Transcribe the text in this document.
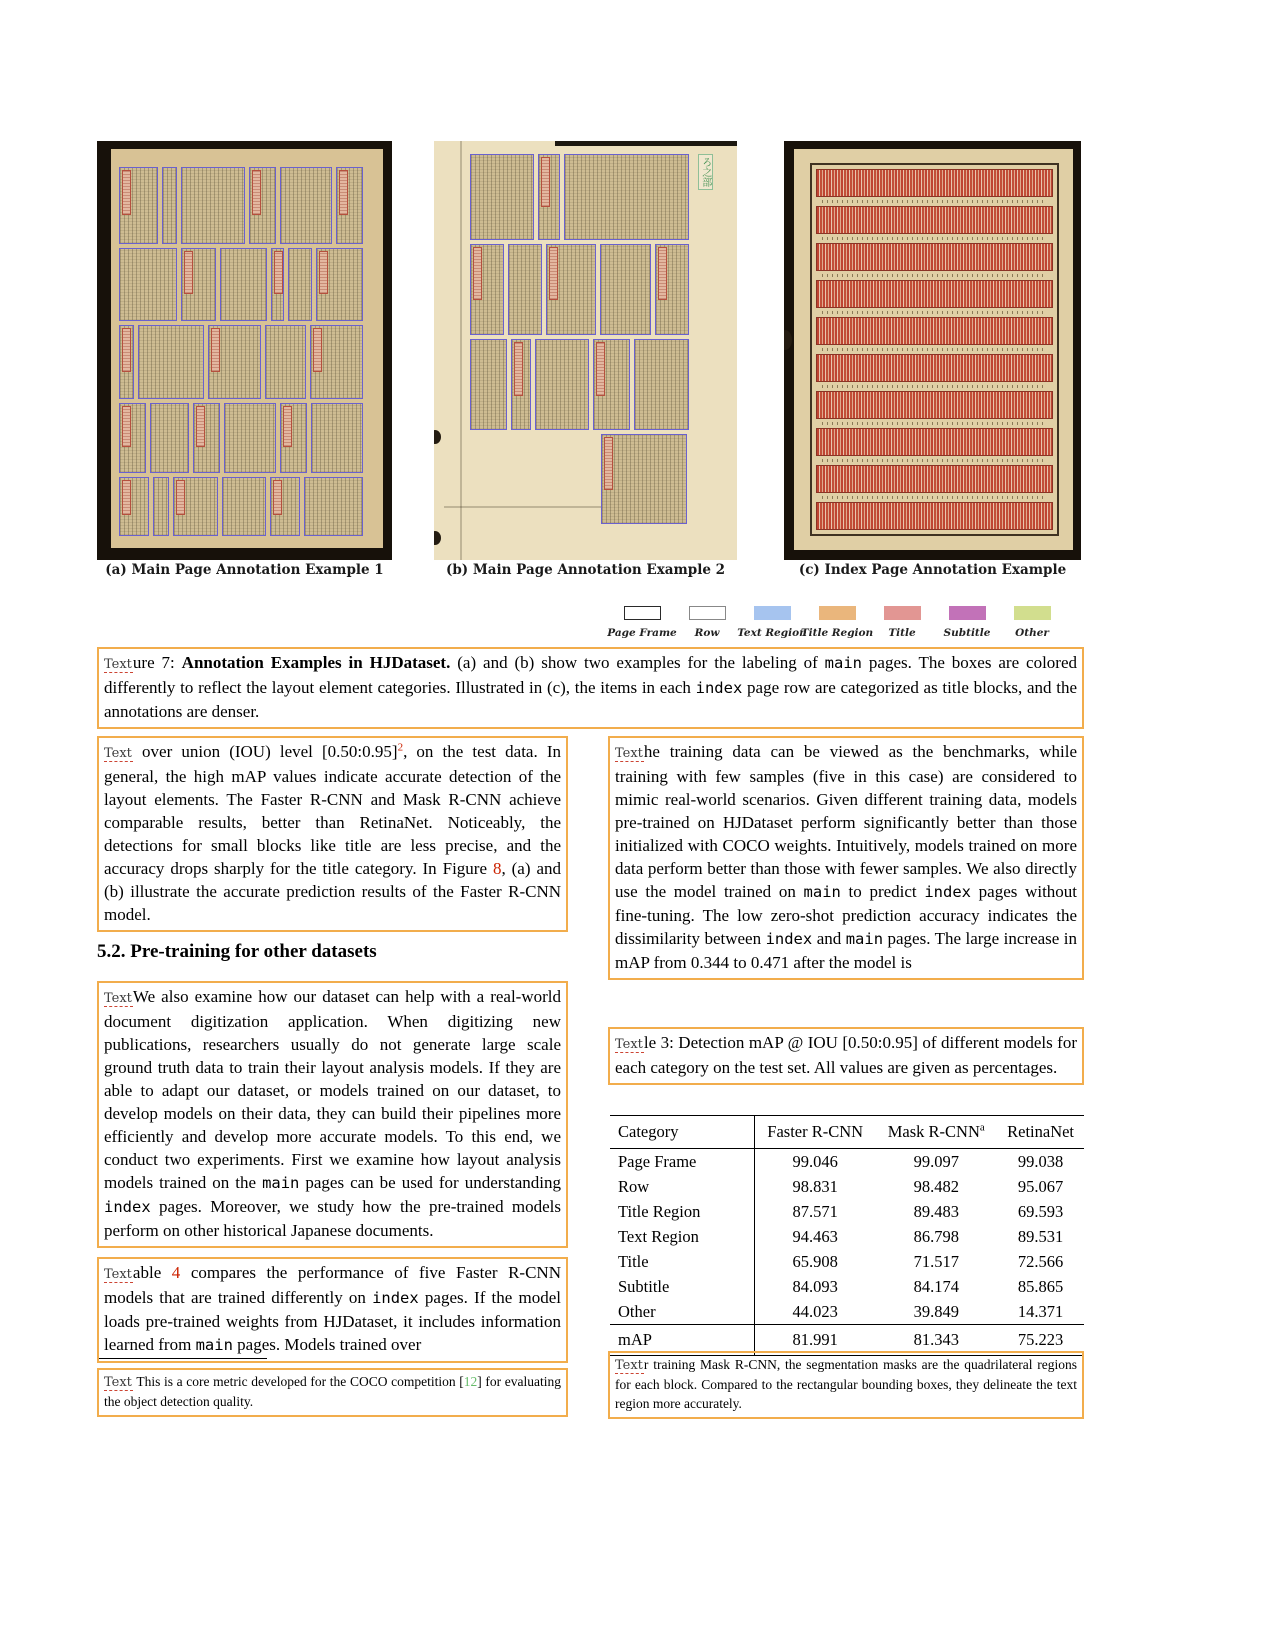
(a) Main Page Annotation Example 1
ろ之部
(b) Main Page Annotation Example 2	(c) Index Page Annotation Example
Page Frame Row Text Region
Title Region Title	Subtitle Other

Texture 7: Annotation Examples in HJDataset. (a) and (b) show two examples for the labeling of main pages. The boxes are colored differently to reflect the layout element categories. Illustrated in (c), the items in each index page row are categorized as title blocks, and the annotations are denser.

Text over union (IOU) level [0.50:0.95]$^2$, on the test data. In general, the high mAP values indicate accurate detection of the layout elements. The Faster R-CNN and Mask R-CNN achieve comparable results, better than RetinaNet. Noticeably, the detections for small blocks like title are less precise, and the accuracy drops sharply for the title category. In Figure 8, (a) and (b) illustrate the accurate prediction results of the Faster R-CNN model.

5.2. Pre-training for other datasets

TextWe also examine how our dataset can help with a real-world document digitization application. When digitizing new publications, researchers usually do not generate large scale ground truth data to train their layout analysis models. If they are able to adapt our dataset, or models trained on our dataset, to develop models on their data, they can build their pipelines more efficiently and develop more accurate models. To this end, we conduct two experiments. First we examine how layout analysis models trained on the main pages can be used for understanding index pages. Moreover, we study how the pre-trained models perform on other historical Japanese documents.

Textable 4 compares the performance of five Faster R-CNN models that are trained differently on index pages. If the model loads pre-trained weights from HJDataset, it includes information learned from main pages. Models trained over

Text This is a core metric developed for the COCO competition [12] for evaluating the object detection quality.

Texthe training data can be viewed as the benchmarks, while training with few samples (five in this case) are considered to mimic real-world scenarios. Given different training data, models pre-trained on HJDataset perform significantly better than those initialized with COCO weights. Intuitively, models trained on more data perform better than those with fewer samples. We also directly use the model trained on main to predict index pages without fine-tuning. The low zero-shot prediction accuracy indicates the dissimilarity between index and main pages. The large increase in mAP from 0.344 to 0.471 after the model is

Textle 3: Detection mAP @ IOU [0.50:0.95] of different models for each category on the test set. All values are given as percentages.

Category	Faster R-CNN	Mask R-CNN$^a$	RetinaNet
Page Frame	99.046	99.097	99.038
Row	98.831	98.482	95.067
Title Region	87.571	89.483	69.593
Text Region	94.463	86.798	89.531
Title	65.908	71.517	72.566
Subtitle	84.093	84.174	85.865
Other	44.023	39.849	14.371
mAP	81.991	81.343	75.223

Textr training Mask R-CNN, the segmentation masks are the quadrilateral regions for each block. Compared to the rectangular bounding boxes, they delineate the text region more accurately.
